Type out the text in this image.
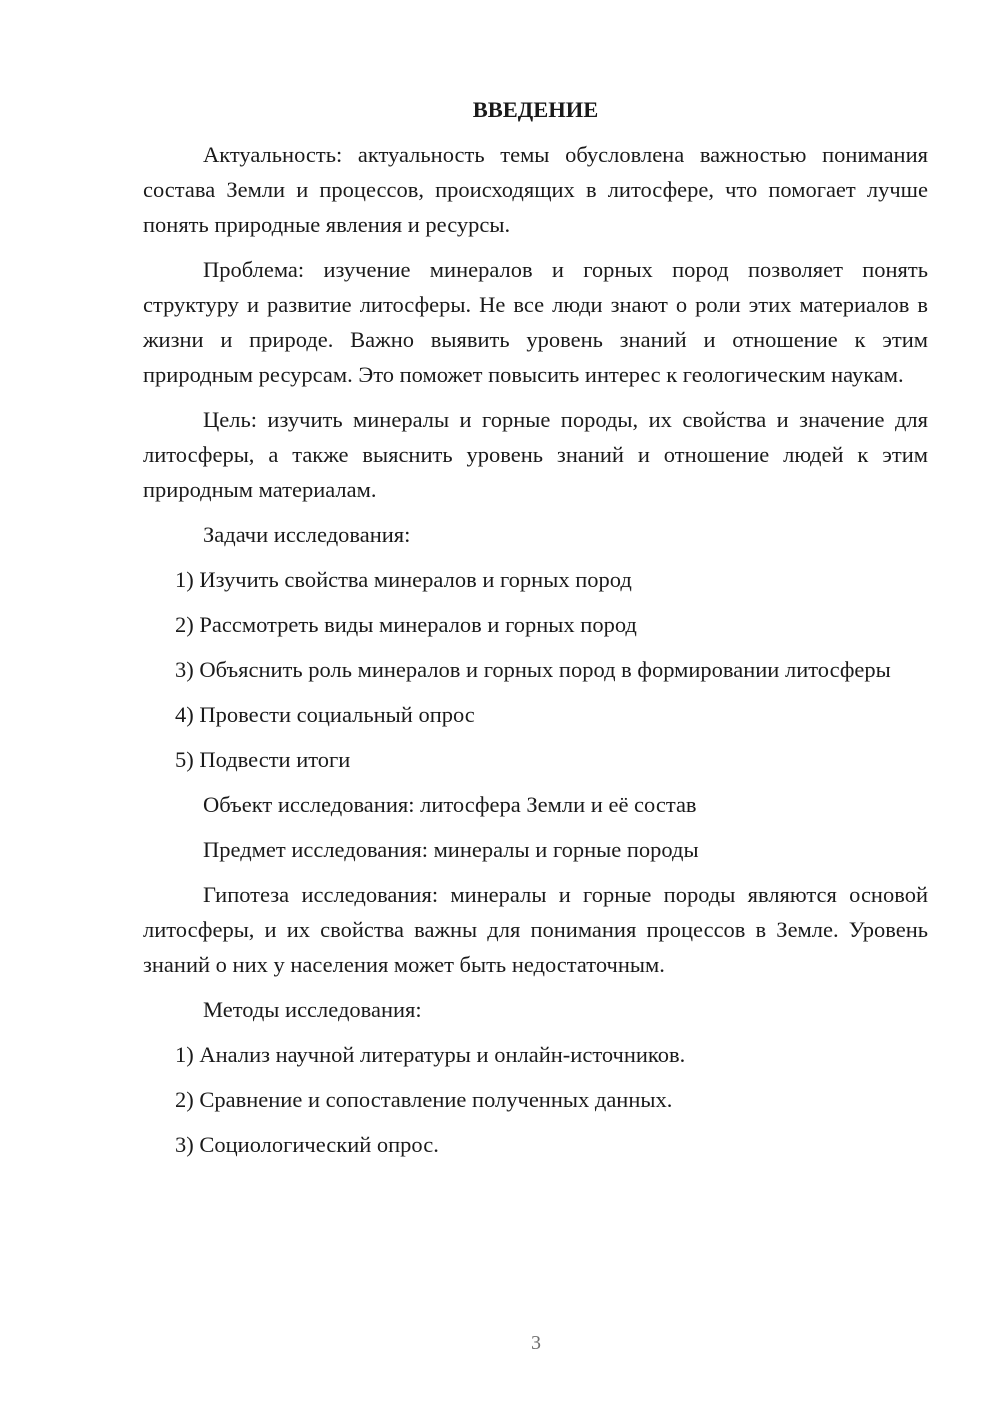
ВВЕДЕНИЕ

Актуальность: актуальность темы обусловлена важностью понимания состава Земли и процессов, происходящих в литосфере, что помогает лучше понять природные явления и ресурсы.

Проблема: изучение минералов и горных пород позволяет понять структуру и развитие литосферы. Не все люди знают о роли этих материалов в жизни и природе. Важно выявить уровень знаний и отношение к этим природным ресурсам. Это поможет повысить интерес к геологическим наукам.

Цель: изучить минералы и горные породы, их свойства и значение для литосферы, а также выяснить уровень знаний и отношение людей к этим природным материалам.

Задачи исследования:

1) Изучить свойства минералов и горных пород

2) Рассмотреть виды минералов и горных пород

3) Объяснить роль минералов и горных пород в формировании литосферы

4) Провести социальный опрос

5) Подвести итоги

Объект исследования: литосфера Земли и её состав

Предмет исследования: минералы и горные породы

Гипотеза исследования: минералы и горные породы являются основой литосферы, и их свойства важны для понимания процессов в Земле. Уровень знаний о них у населения может быть недостаточным.

Методы исследования:

1) Анализ научной литературы и онлайн-источников.

2) Сравнение и сопоставление полученных данных.

3) Социологический опрос.

3
